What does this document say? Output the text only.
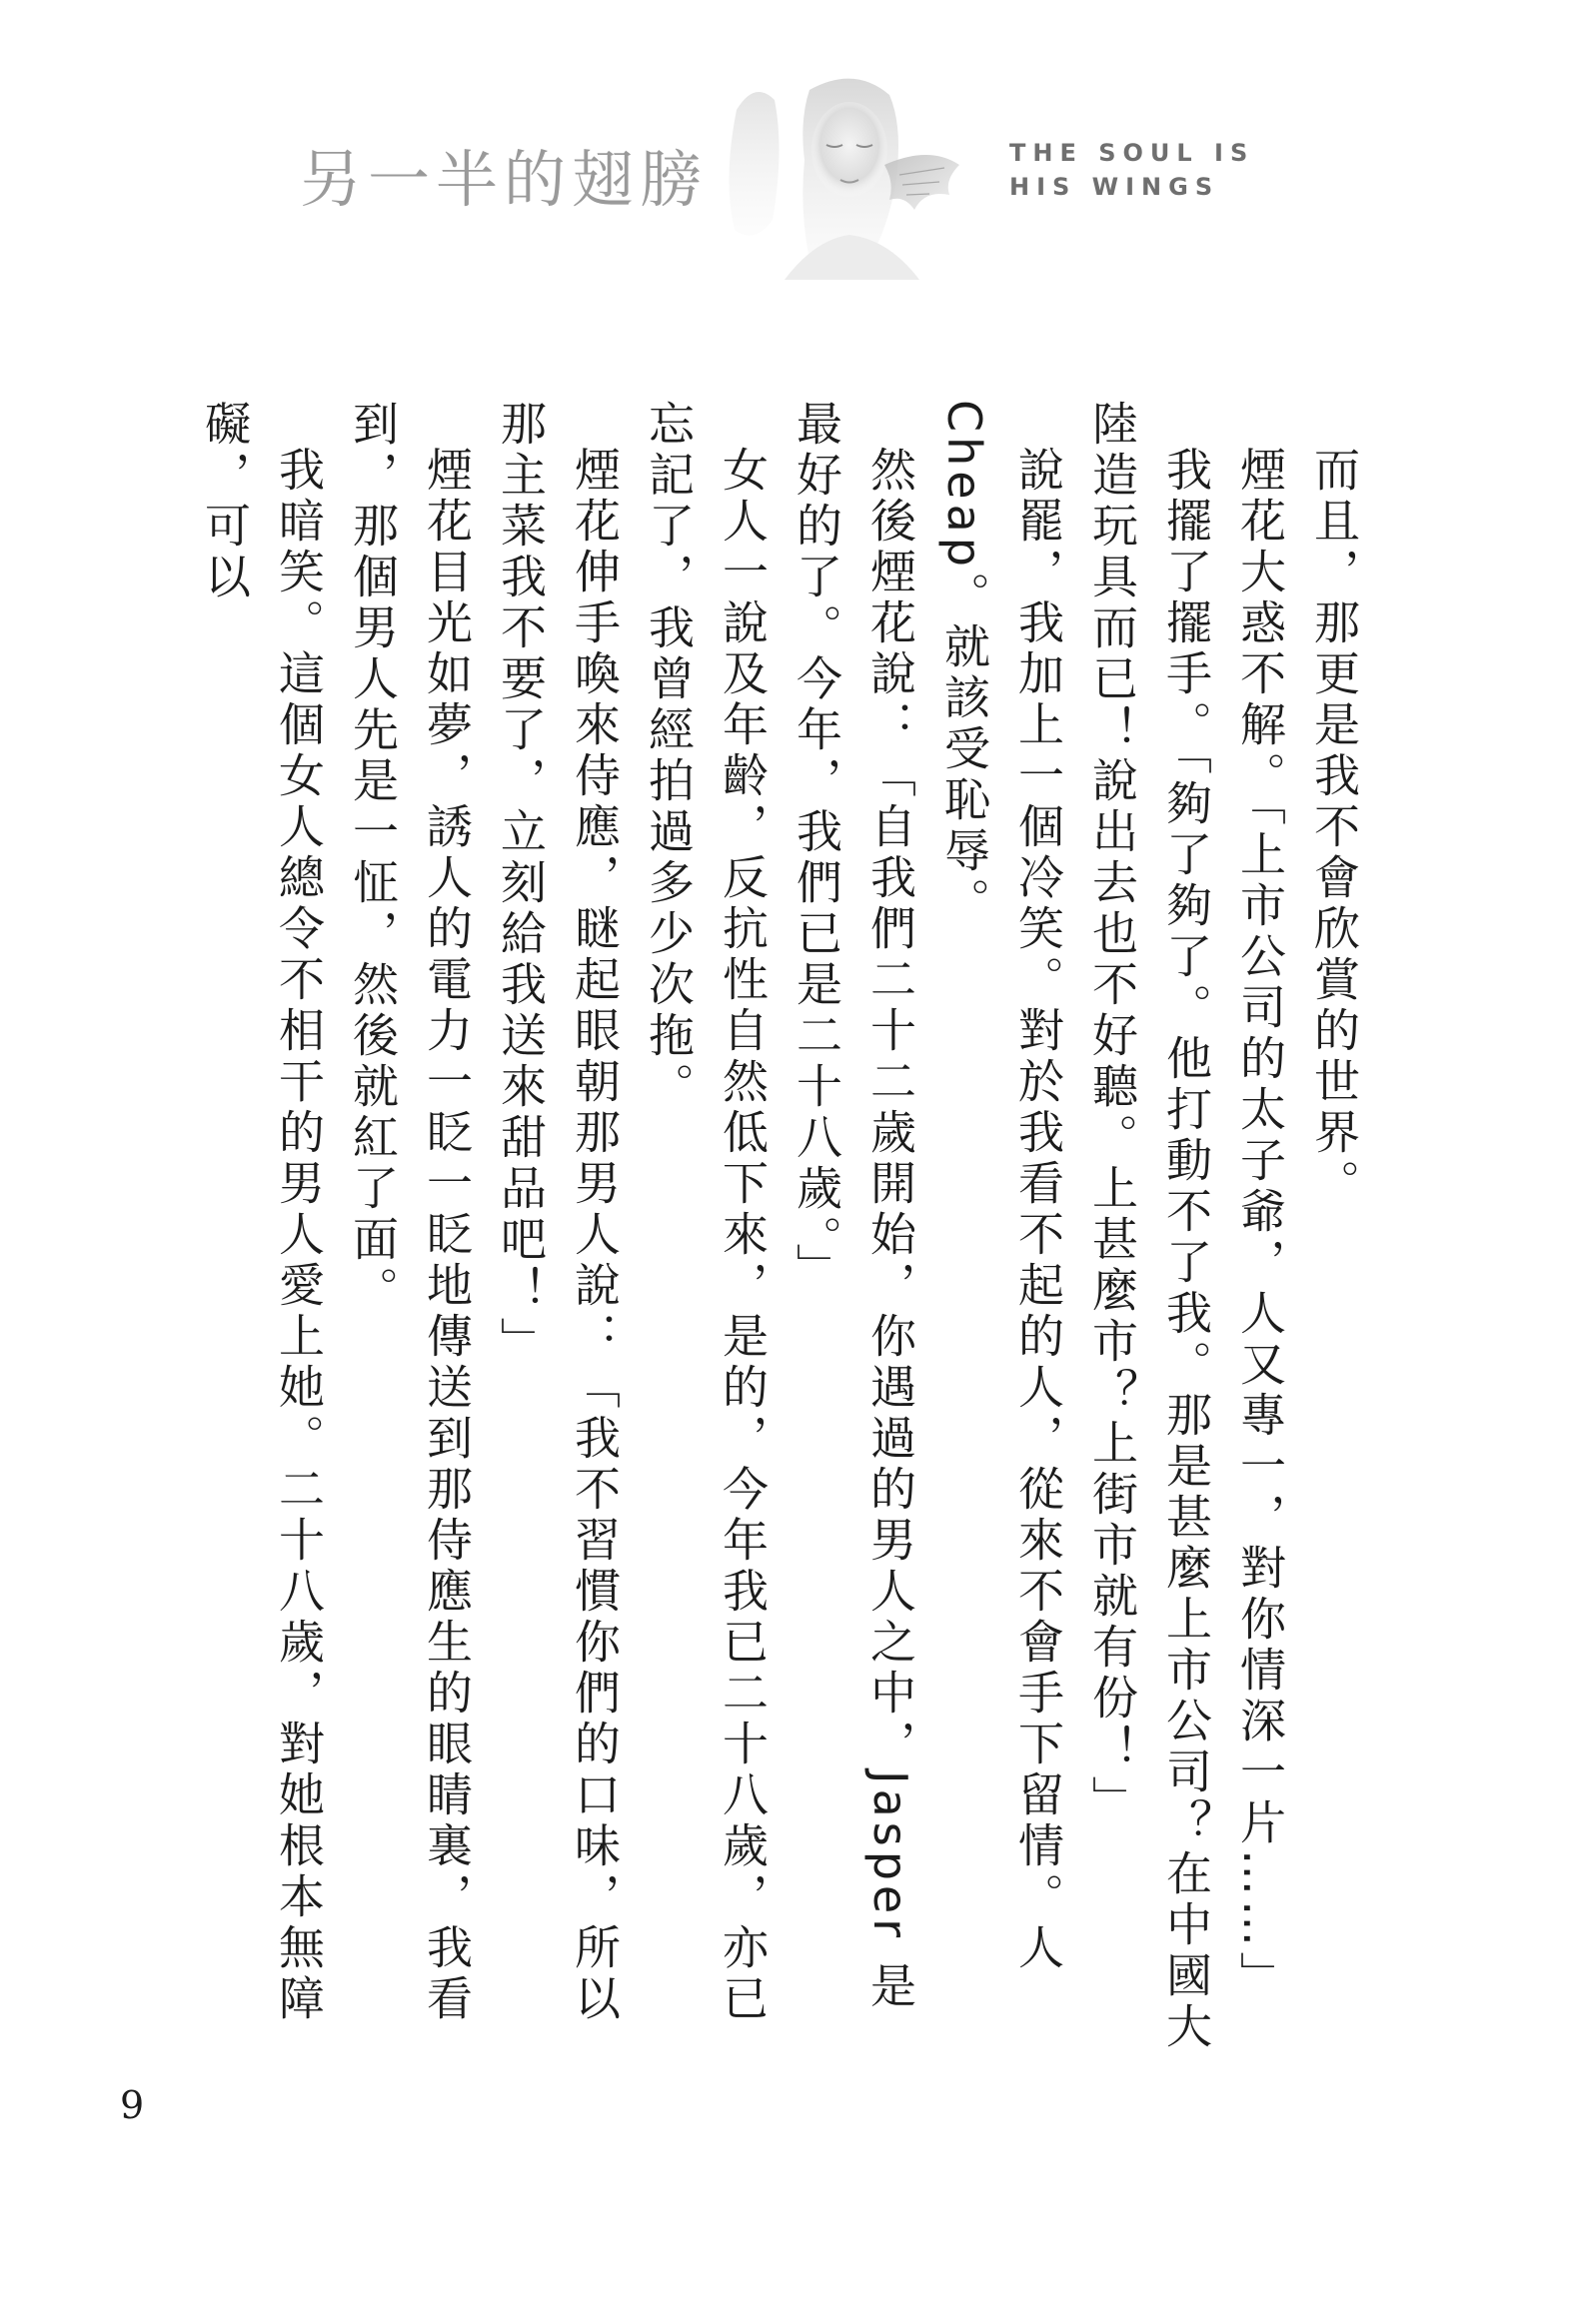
另一半的翅膀	THE SOUL IS
HIS WINGS

而且，那更是我不會欣賞的世界。

煙花大惑不解。「上市公司的太子爺，人又專一，對你情深一片……」

我擺了擺手。「夠了夠了。他打動不了我。那是甚麼上市公司？在中國大陸造玩具而已！說出去也不好聽。上甚麼市？上街市就有份！」

說罷，我加上一個冷笑。對於我看不起的人，從來不會手下留情。人 Cheap。就該受恥辱。

然後煙花說：「自我們二十二歲開始，你遇過的男人之中，Jasper 是最好的了。今年，我們已是二十八歲。」

女人一說及年齡，反抗性自然低下來，是的，今年我已二十八歲，亦已忘記了，我曾經拍過多少次拖。

煙花伸手喚來侍應，瞇起眼朝那男人說：「我不習慣你們的口味，所以那主菜我不要了，立刻給我送來甜品吧！」

煙花目光如夢，誘人的電力一眨一眨地傳送到那侍應生的眼睛裏，我看到，那個男人先是一怔，然後就紅了面。

我暗笑。這個女人總令不相干的男人愛上她。二十八歲，對她根本無障礙，可以

9
